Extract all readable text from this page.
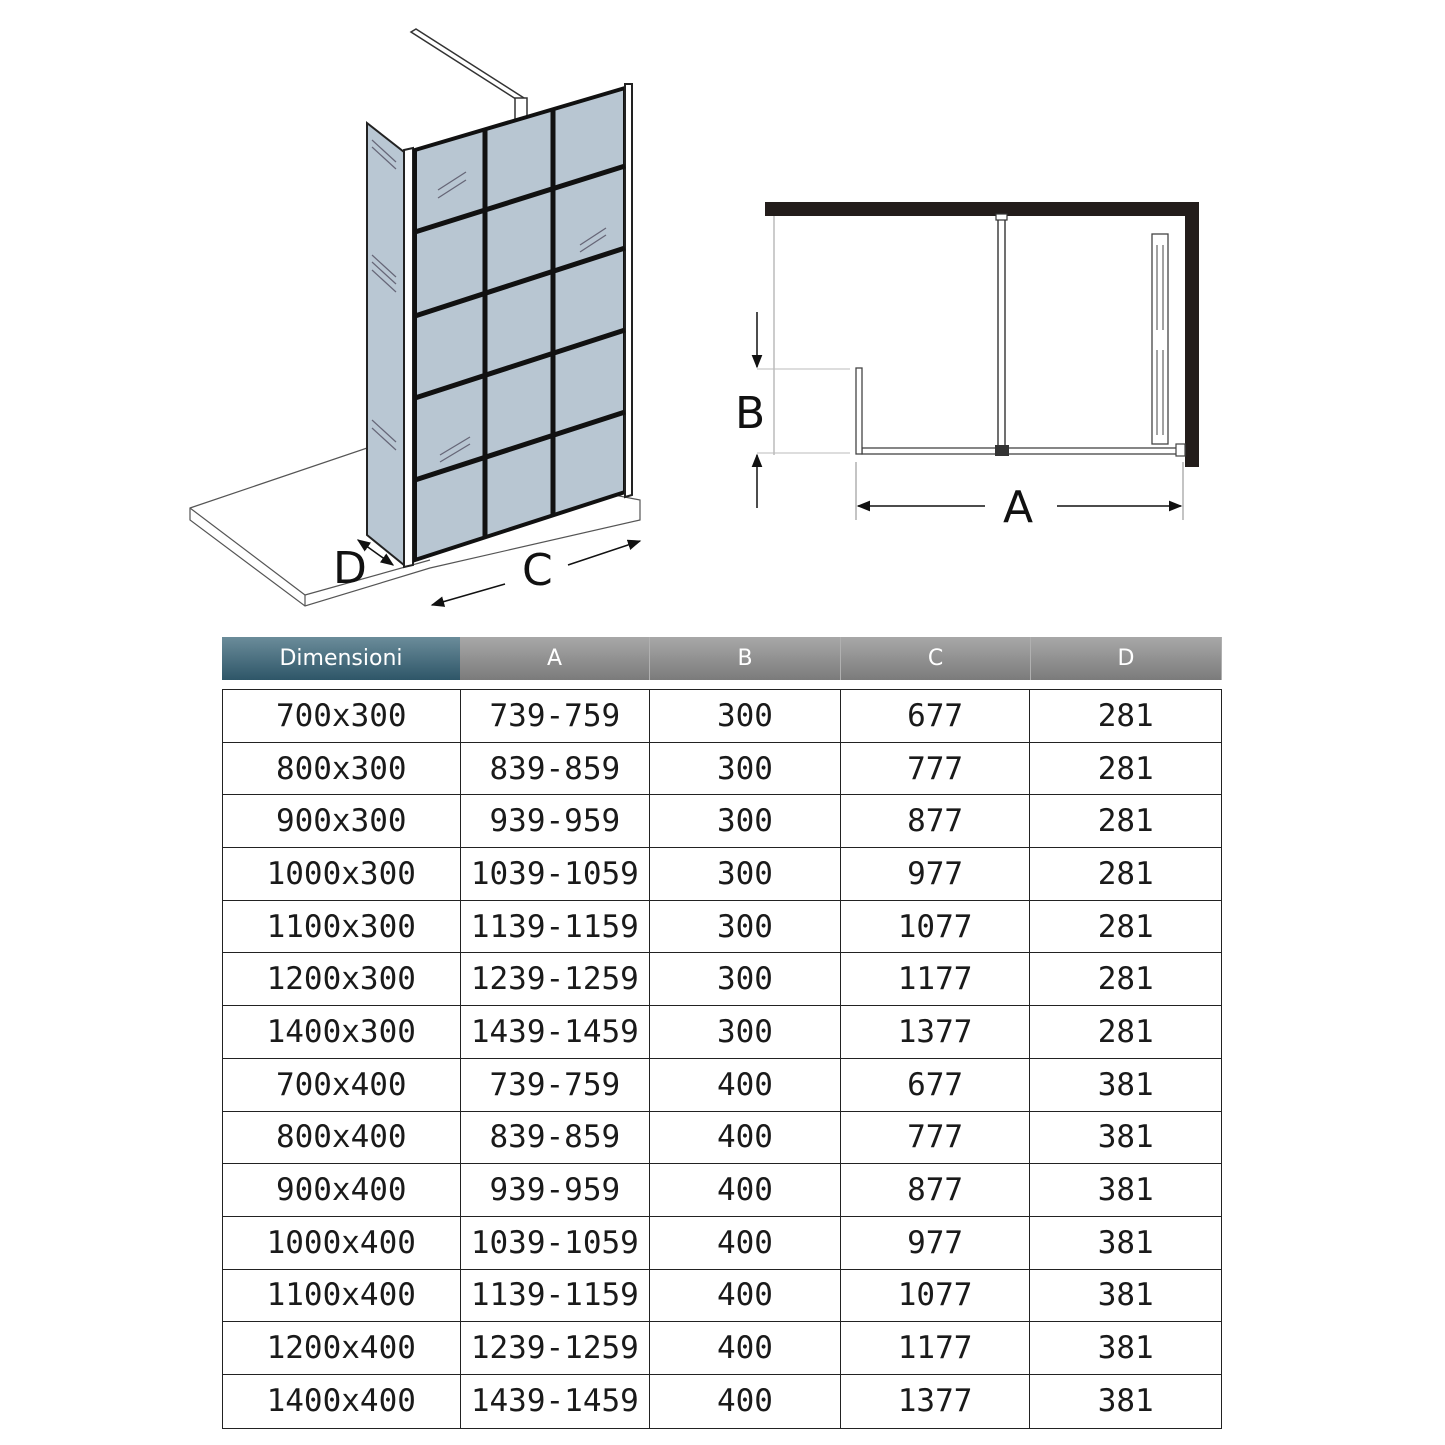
D	C
B
A
Dimensioni	A	B	C	D
700x300	739-759	300	677	281
800x300	839-859	300	777	281
900x300	939-959	300	877	281
1000x300	1039-1059	300	977	281
1100x300	1139-1159	300	1077	281
1200x300	1239-1259	300	1177	281
1400x300	1439-1459	300	1377	281
700x400	739-759	400	677	381
800x400	839-859	400	777	381
900x400	939-959	400	877	381
1000x400	1039-1059	400	977	381
1100x400	1139-1159	400	1077	381
1200x400	1239-1259	400	1177	381
1400x400	1439-1459	400	1377	381
